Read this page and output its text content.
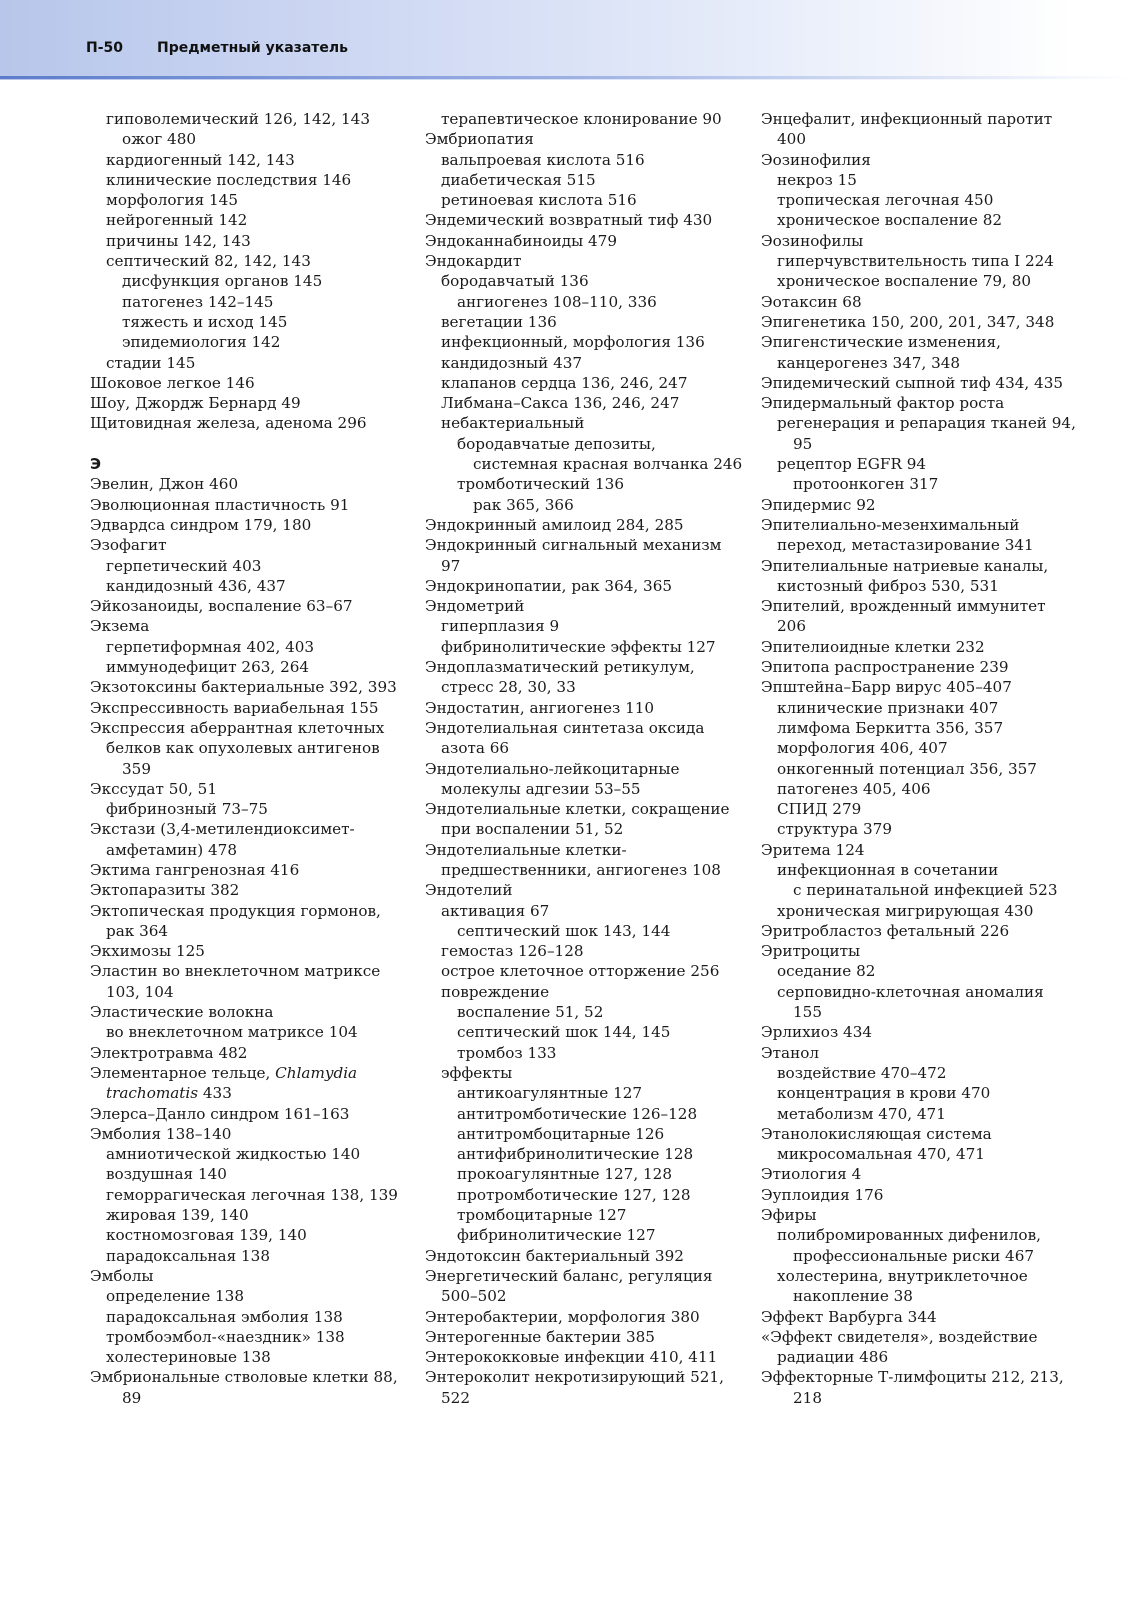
П-50 Предметный указатель
гиповолемический 126, 142, 143
ожог 480
кардиогенный 142, 143
клинические последствия 146
морфология 145
нейрогенный 142
причины 142, 143
септический 82, 142, 143
дисфункция органов 145
патогенез 142–145
тяжесть и исход 145
эпидемиология 142
стадии 145
Шоковое легкое 146
Шоу, Джордж Бернард 49
Щитовидная железа, аденома 296
Э
Эвелин, Джон 460
Эволюционная пластичность 91
Эдвардса синдром 179, 180
Эзофагит
герпетический 403
кандидозный 436, 437
Эйкозаноиды, воспаление 63–67
Экзема
герпетиформная 402, 403
иммунодефицит 263, 264
Экзотоксины бактериальные 392, 393
Экспрессивность вариабельная 155
Экспрессия аберрантная клеточных
белков как опухолевых антигенов
359
Экссудат 50, 51
фибринозный 73–75
Экстази (3,4-метилендиоксимет-
амфетамин) 478
Эктима гангренозная 416
Эктопаразиты 382
Эктопическая продукция гормонов,
рак 364
Экхимозы 125
Эластин во внеклеточном матриксе
103, 104
Эластические волокна
во внеклеточном матриксе 104
Электротравма 482
Элементарное тельце, Chlamydia
trachomatis 433
Элерса–Данло синдром 161–163
Эмболия 138–140
амниотической жидкостью 140
воздушная 140
геморрагическая легочная 138, 139
жировая 139, 140
костномозговая 139, 140
парадоксальная 138
Эмболы
определение 138
парадоксальная эмболия 138
тромбоэмбол-«наездник» 138
холестериновые 138
Эмбриональные стволовые клетки 88,
89
терапевтическое клонирование 90
Эмбриопатия
вальпроевая кислота 516
диабетическая 515
ретиноевая кислота 516
Эндемический возвратный тиф 430
Эндоканнабиноиды 479
Эндокардит
бородавчатый 136
ангиогенез 108–110, 336
вегетации 136
инфекционный, морфология 136
кандидозный 437
клапанов сердца 136, 246, 247
Либмана–Сакса 136, 246, 247
небактериальный
бородавчатые депозиты,
системная красная волчанка 246
тромботический 136
рак 365, 366
Эндокринный амилоид 284, 285
Эндокринный сигнальный механизм
97
Эндокринопатии, рак 364, 365
Эндометрий
гиперплазия 9
фибринолитические эффекты 127
Эндоплазматический ретикулум,
стресс 28, 30, 33
Эндостатин, ангиогенез 110
Эндотелиальная синтетаза оксида
азота 66
Эндотелиально-лейкоцитарные
молекулы адгезии 53–55
Эндотелиальные клетки, сокращение
при воспалении 51, 52
Эндотелиальные клетки-
предшественники, ангиогенез 108
Эндотелий
активация 67
септический шок 143, 144
гемостаз 126–128
острое клеточное отторжение 256
повреждение
воспаление 51, 52
септический шок 144, 145
тромбоз 133
эффекты
антикоагулянтные 127
антитромботические 126–128
антитромбоцитарные 126
антифибринолитические 128
прокоагулянтные 127, 128
протромботические 127, 128
тромбоцитарные 127
фибринолитические 127
Эндотоксин бактериальный 392
Энергетический баланс, регуляция
500–502
Энтеробактерии, морфология 380
Энтерогенные бактерии 385
Энтерококковые инфекции 410, 411
Энтероколит некротизирующий 521,
522
Энцефалит, инфекционный паротит
400
Эозинофилия
некроз 15
тропическая легочная 450
хроническое воспаление 82
Эозинофилы
гиперчувствительность типа I 224
хроническое воспаление 79, 80
Эотаксин 68
Эпигенетика 150, 200, 201, 347, 348
Эпигенстические изменения,
канцерогенез 347, 348
Эпидемический сыпной тиф 434, 435
Эпидермальный фактор роста
регенерация и репарация тканей 94,
95
рецептор EGFR 94
протоонкоген 317
Эпидермис 92
Эпителиально-мезенхимальный
переход, метастазирование 341
Эпителиальные натриевые каналы,
кистозный фиброз 530, 531
Эпителий, врожденный иммунитет
206
Эпителиоидные клетки 232
Эпитопа распространение 239
Эпштейна–Барр вирус 405–407
клинические признаки 407
лимфома Беркитта 356, 357
морфология 406, 407
онкогенный потенциал 356, 357
патогенез 405, 406
СПИД 279
структура 379
Эритема 124
инфекционная в сочетании
с перинатальной инфекцией 523
хроническая мигрирующая 430
Эритробластоз фетальный 226
Эритроциты
оседание 82
серповидно-клеточная аномалия
155
Эрлихиоз 434
Этанол
воздействие 470–472
концентрация в крови 470
метаболизм 470, 471
Этанолокисляющая система
микросомальная 470, 471
Этиология 4
Эуплоидия 176
Эфиры
полибромированных дифенилов,
профессиональные риски 467
холестерина, внутриклеточное
накопление 38
Эффект Варбурга 344
«Эффект свидетеля», воздействие
радиации 486
Эффекторные Т-лимфоциты 212, 213,
218
